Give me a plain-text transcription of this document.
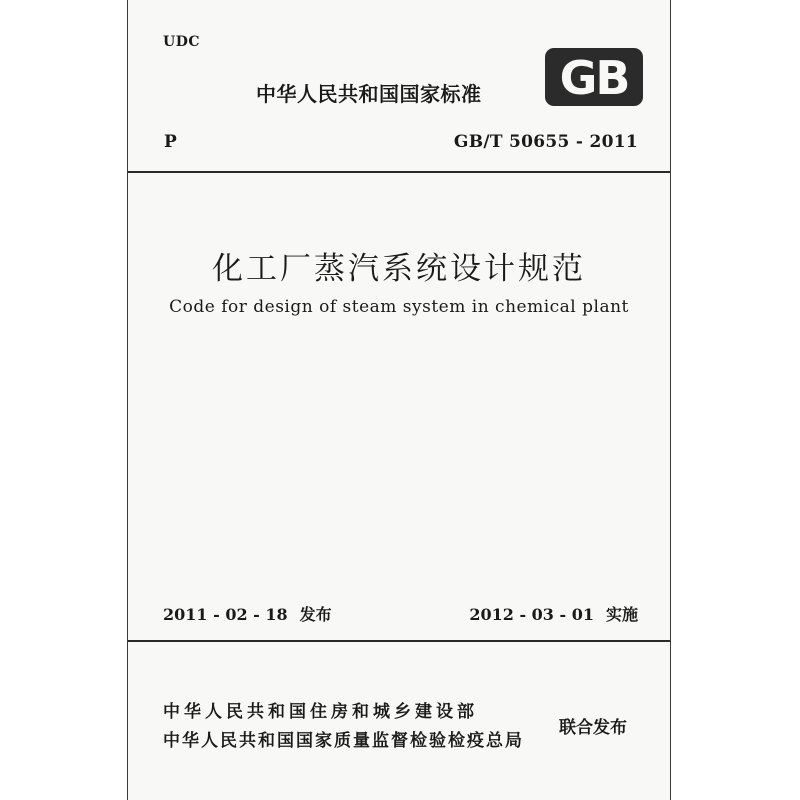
UDC
中华人民共和国国家标准 GB
P	GB/T 50655 - 2011
化工厂蒸汽系统设计规范
Code for design of steam system in chemical plant
2011 - 02 - 18 发布	2012 - 03 - 01 实施
中华人民共和国住房和城乡建设部
中华人民共和国国家质量监督检验检疫总局
联合发布
